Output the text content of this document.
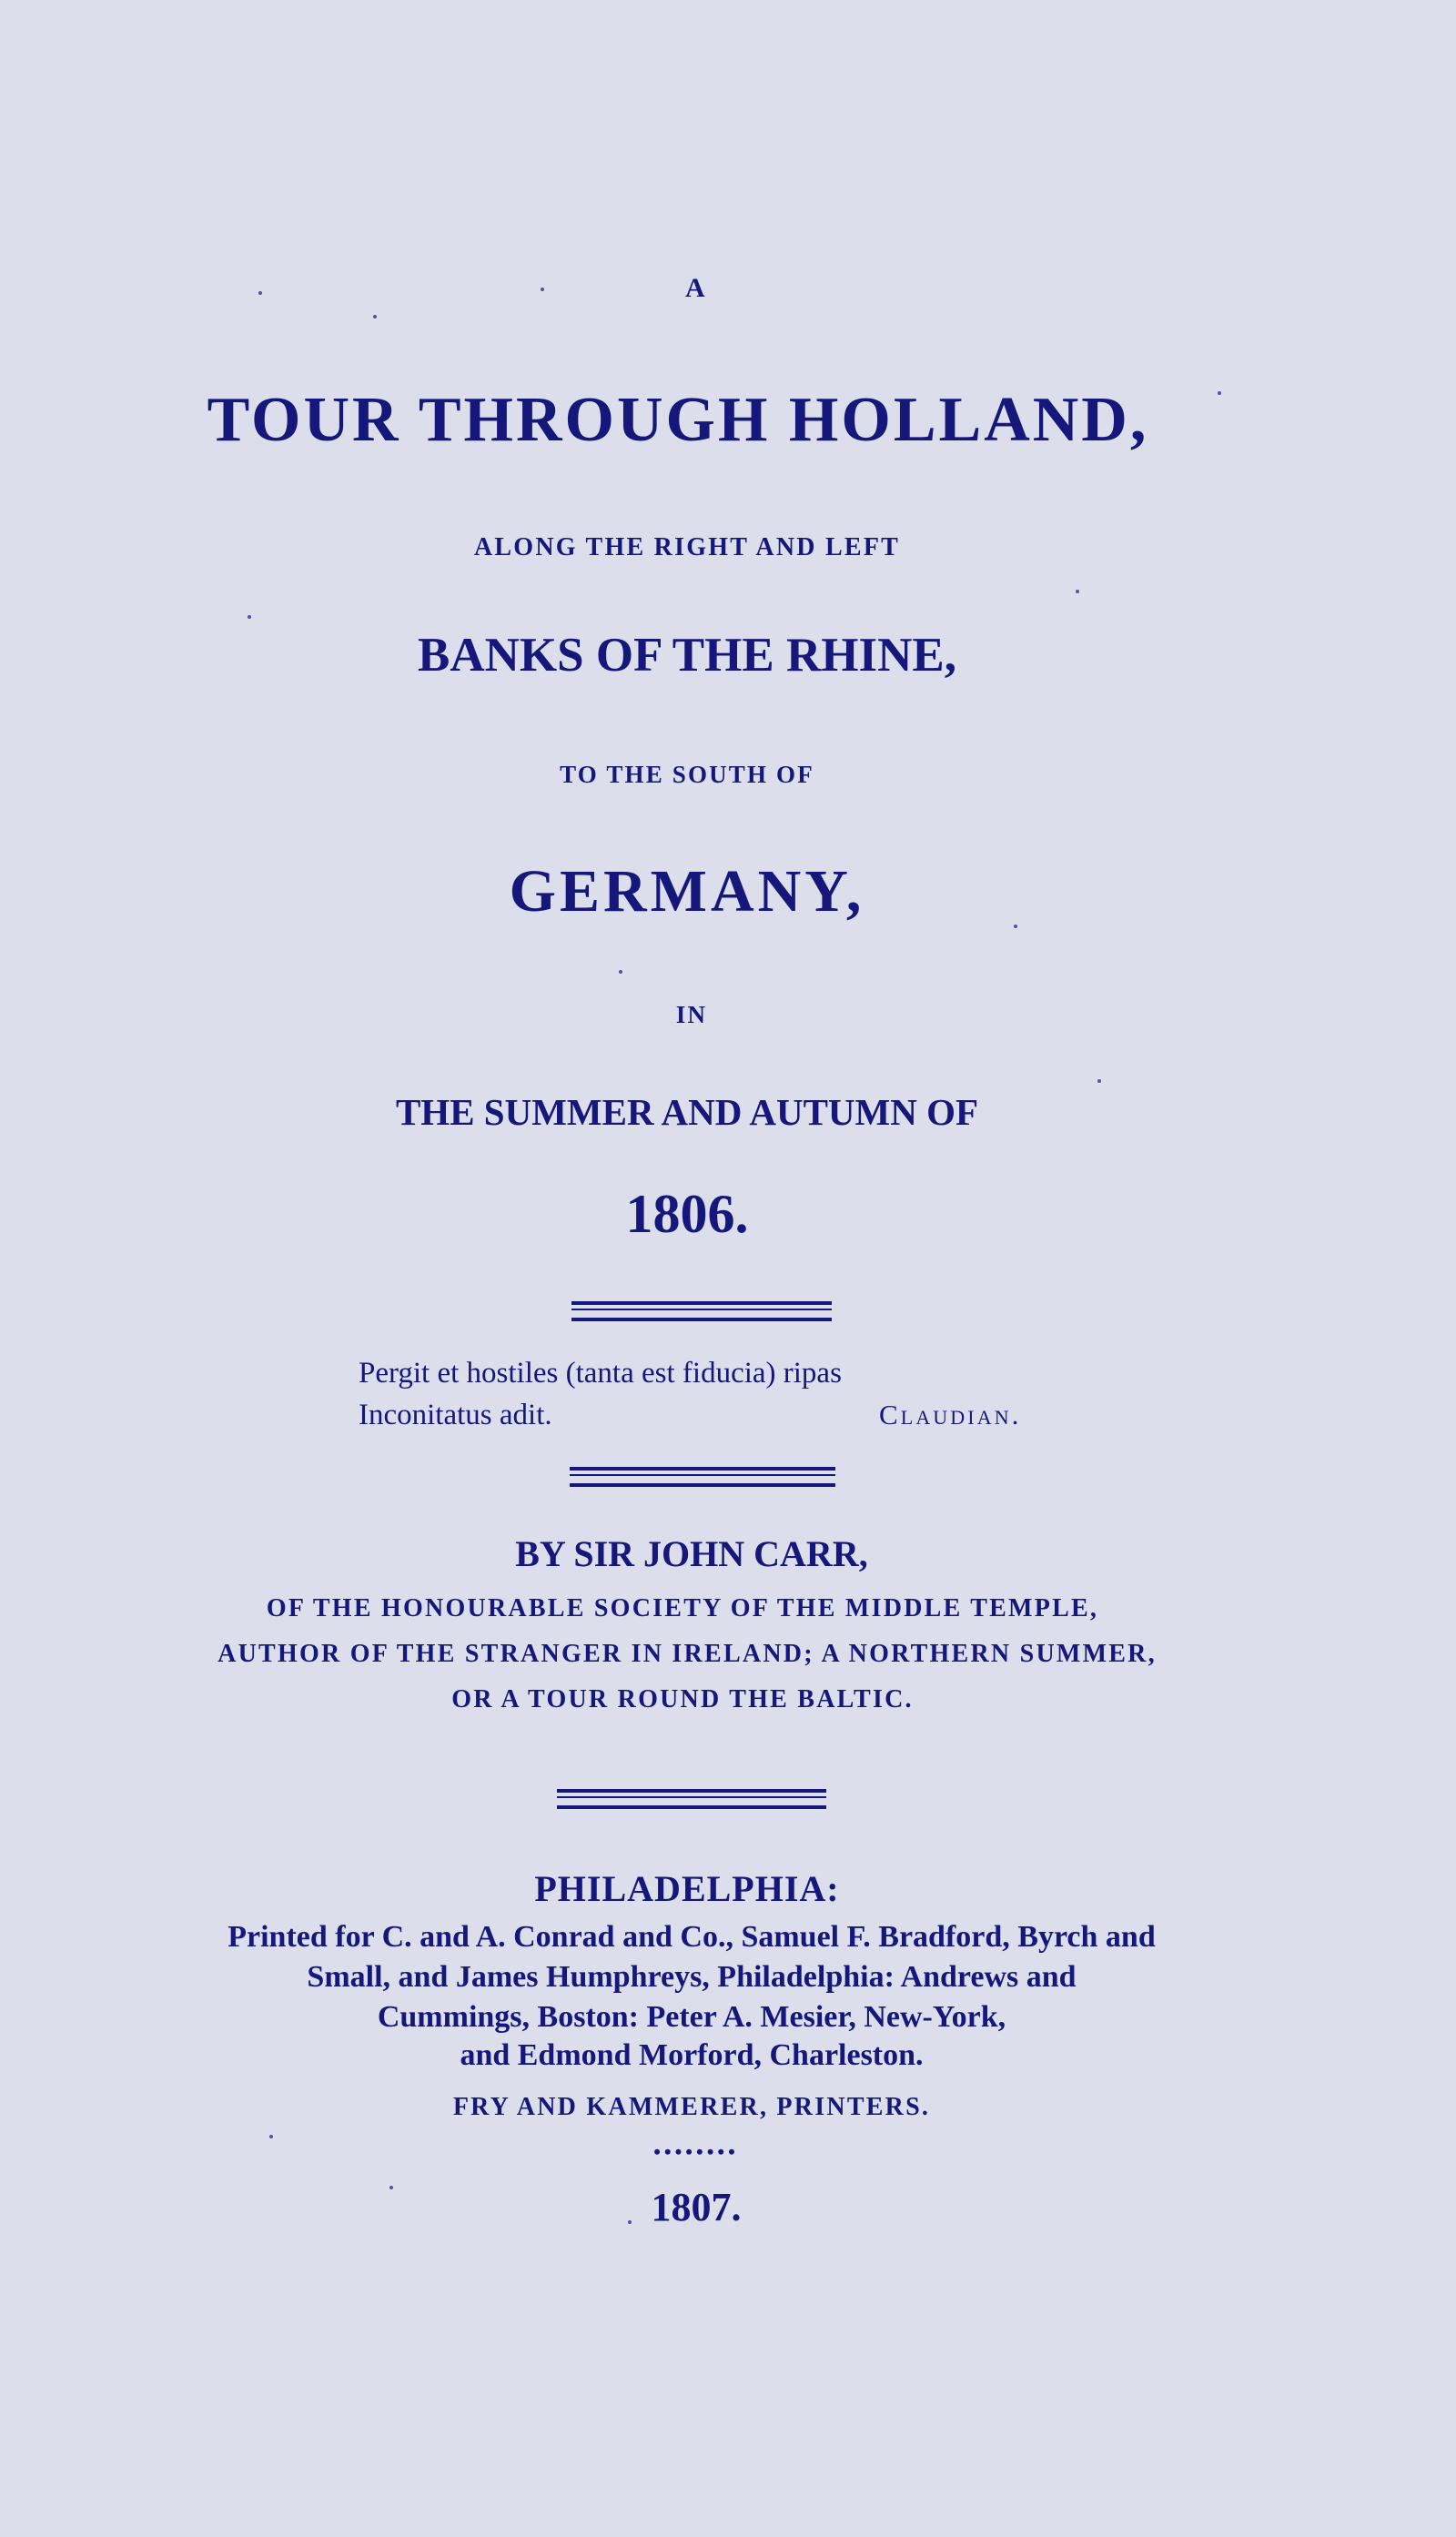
A
TOUR THROUGH HOLLAND,
ALONG THE RIGHT AND LEFT
BANKS OF THE RHINE,
TO THE SOUTH OF
GERMANY,
IN
THE SUMMER AND AUTUMN OF
1806.
Pergit et hostiles (tanta est fiducia) ripas
Inconitatus adit.	Claudian.
BY SIR JOHN CARR,
OF THE HONOURABLE SOCIETY OF THE MIDDLE TEMPLE,
AUTHOR OF THE STRANGER IN IRELAND; A NORTHERN SUMMER,
OR A TOUR ROUND THE BALTIC.
PHILADELPHIA:
Printed for C. and A. Conrad and Co., Samuel F. Bradford, Byrch and
Small, and James Humphreys, Philadelphia: Andrews and
Cummings, Boston: Peter A. Mesier, New-York,
and Edmond Morford, Charleston.
FRY AND KAMMERER, PRINTERS.
••••••••
1807.
